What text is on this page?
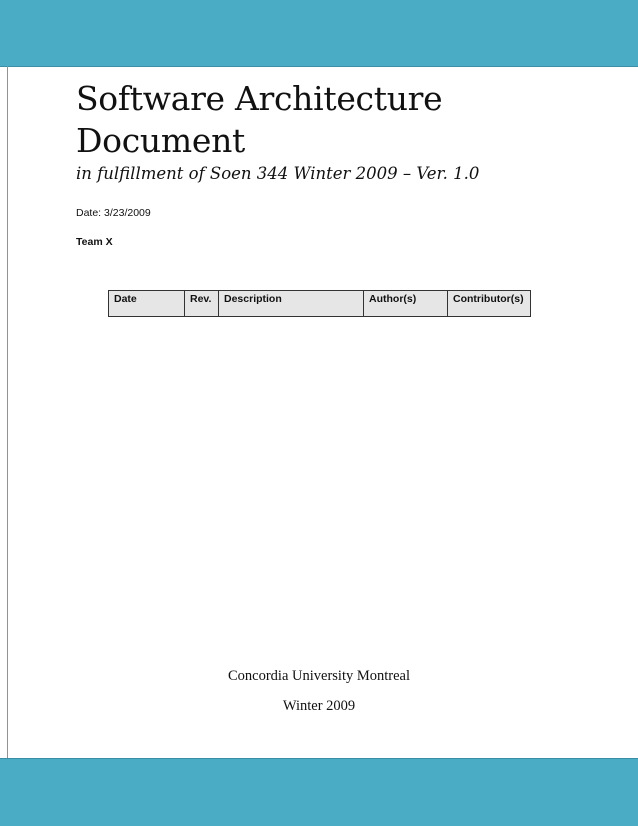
Software Architecture Document
in fulfillment of Soen 344 Winter 2009 – Ver. 1.0
Date: 3/23/2009
Team X
Date	Rev.	Description	Author(s)	Contributor(s)
Concordia University Montreal
Winter 2009
